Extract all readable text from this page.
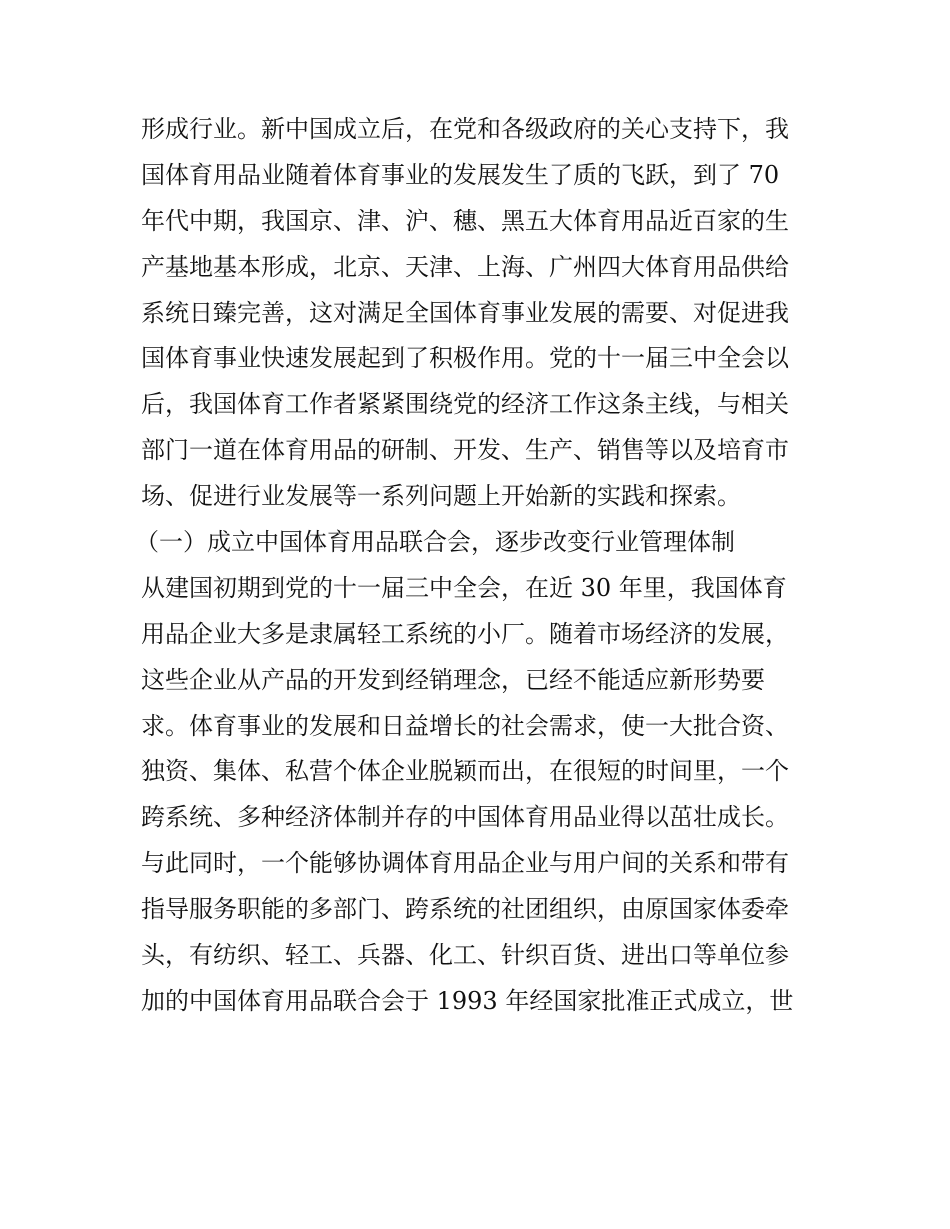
形成行业。新中国成立后，在党和各级政府的关心支持下，我
国体育用品业随着体育事业的发展发生了质的飞跃，到了 70
年代中期，我国京、津、沪、穗、黑五大体育用品近百家的生
产基地基本形成，北京、天津、上海、广州四大体育用品供给
系统日臻完善，这对满足全国体育事业发展的需要、对促进我
国体育事业快速发展起到了积极作用。党的十一届三中全会以
后，我国体育工作者紧紧围绕党的经济工作这条主线，与相关
部门一道在体育用品的研制、开发、生产、销售等以及培育市
场、促进行业发展等一系列问题上开始新的实践和探索。
（一）成立中国体育用品联合会，逐步改变行业管理体制
从建国初期到党的十一届三中全会，在近 30 年里，我国体育
用品企业大多是隶属轻工系统的小厂。随着市场经济的发展，
这些企业从产品的开发到经销理念，已经不能适应新形势要
求。体育事业的发展和日益增长的社会需求，使一大批合资、
独资、集体、私营个体企业脱颖而出，在很短的时间里，一个
跨系统、多种经济体制并存的中国体育用品业得以茁壮成长。
与此同时，一个能够协调体育用品企业与用户间的关系和带有
指导服务职能的多部门、跨系统的社团组织，由原国家体委牵
头，有纺织、轻工、兵器、化工、针织百货、进出口等单位参
加的中国体育用品联合会于 1993 年经国家批准正式成立，世
